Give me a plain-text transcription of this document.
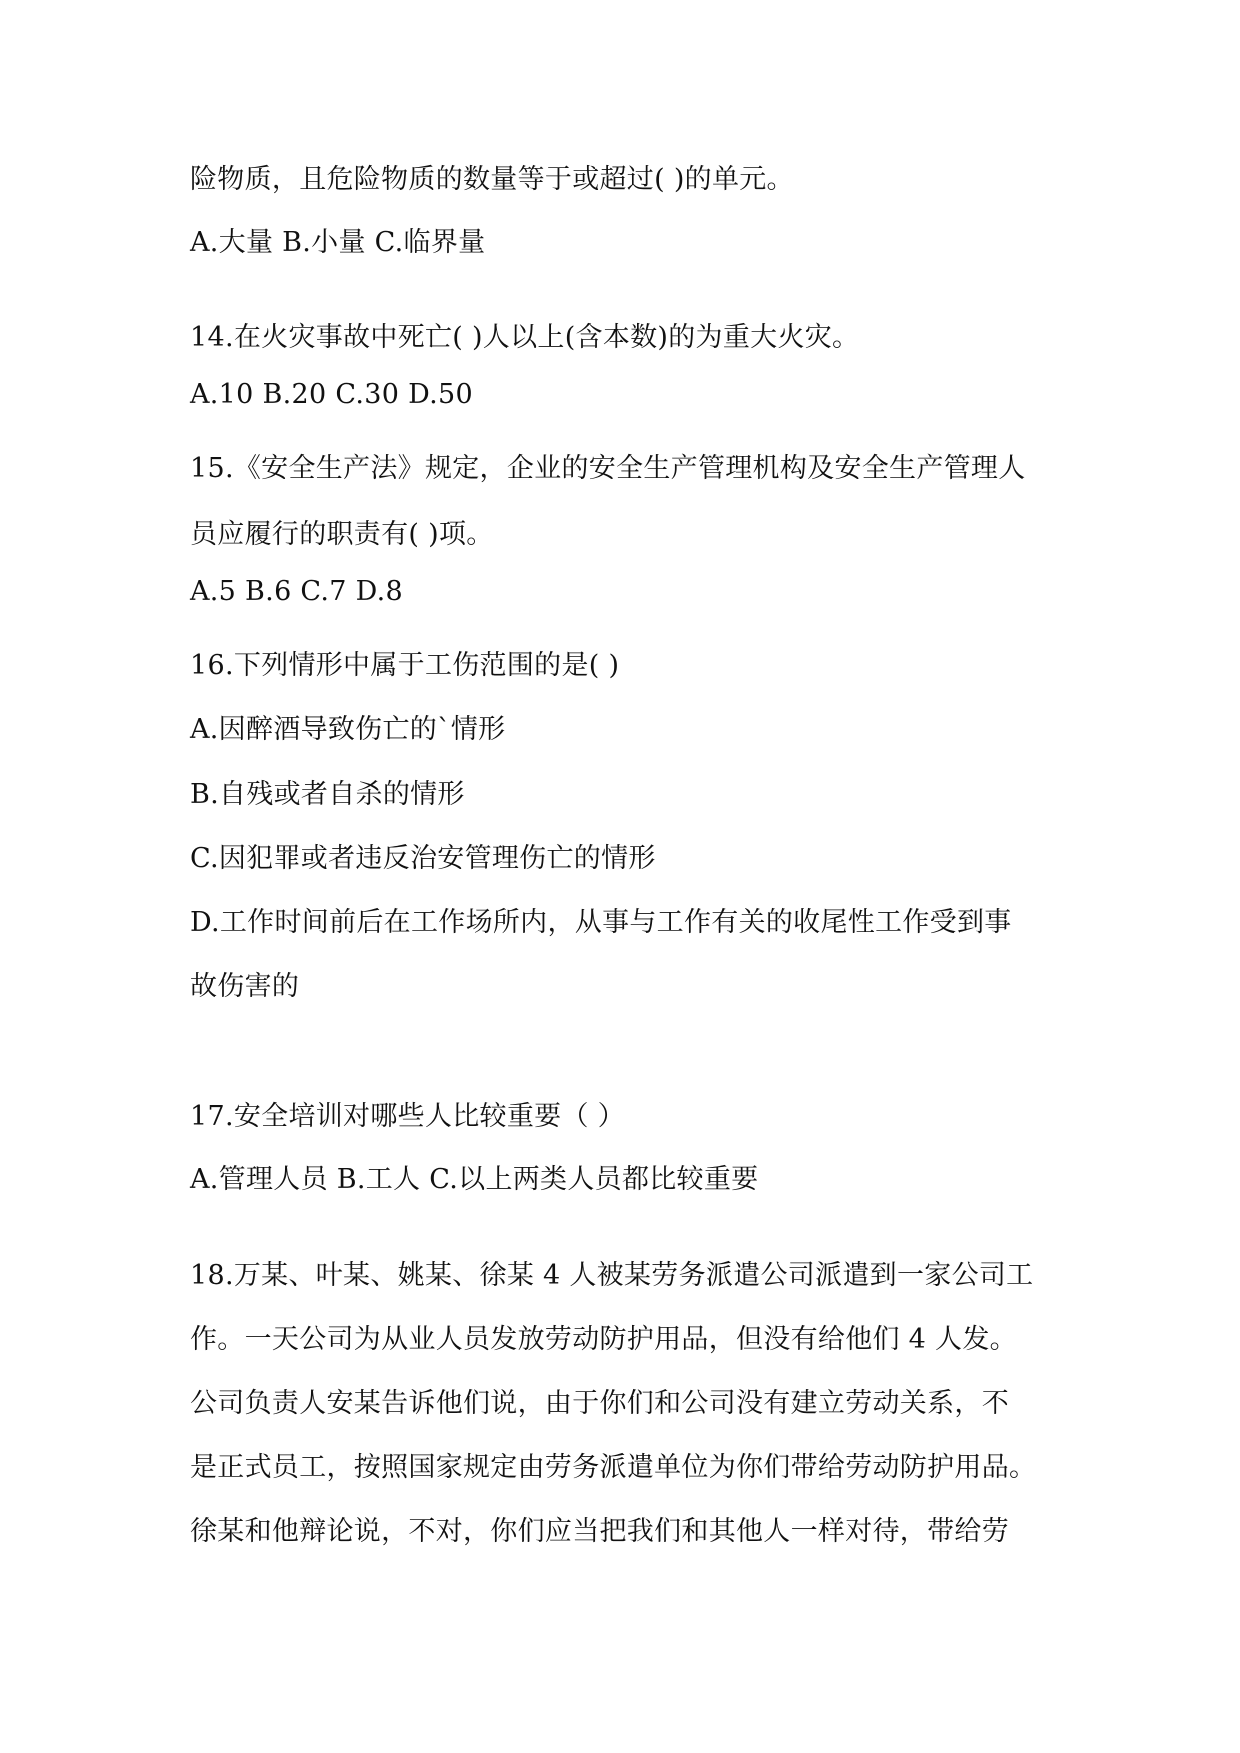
险物质，且危险物质的数量等于或超过( )的单元。
A.大量 B.小量 C.临界量
14.在火灾事故中死亡( )人以上(含本数)的为重大火灾。
A.10 B.20 C.30 D.50
15.《安全生产法》规定，企业的安全生产管理机构及安全生产管理人
员应履行的职责有( )项。
A.5 B.6 C.7 D.8
16.下列情形中属于工伤范围的是( )
A.因醉酒导致伤亡的`情形
B.自残或者自杀的情形
C.因犯罪或者违反治安管理伤亡的情形
D.工作时间前后在工作场所内，从事与工作有关的收尾性工作受到事
故伤害的
17.安全培训对哪些人比较重要（ ）
A.管理人员 B.工人 C.以上两类人员都比较重要
18.万某、叶某、姚某、徐某 4 人被某劳务派遣公司派遣到一家公司工
作。一天公司为从业人员发放劳动防护用品，但没有给他们 4 人发。
公司负责人安某告诉他们说，由于你们和公司没有建立劳动关系，不
是正式员工，按照国家规定由劳务派遣单位为你们带给劳动防护用品。
徐某和他辩论说，不对，你们应当把我们和其他人一样对待，带给劳
